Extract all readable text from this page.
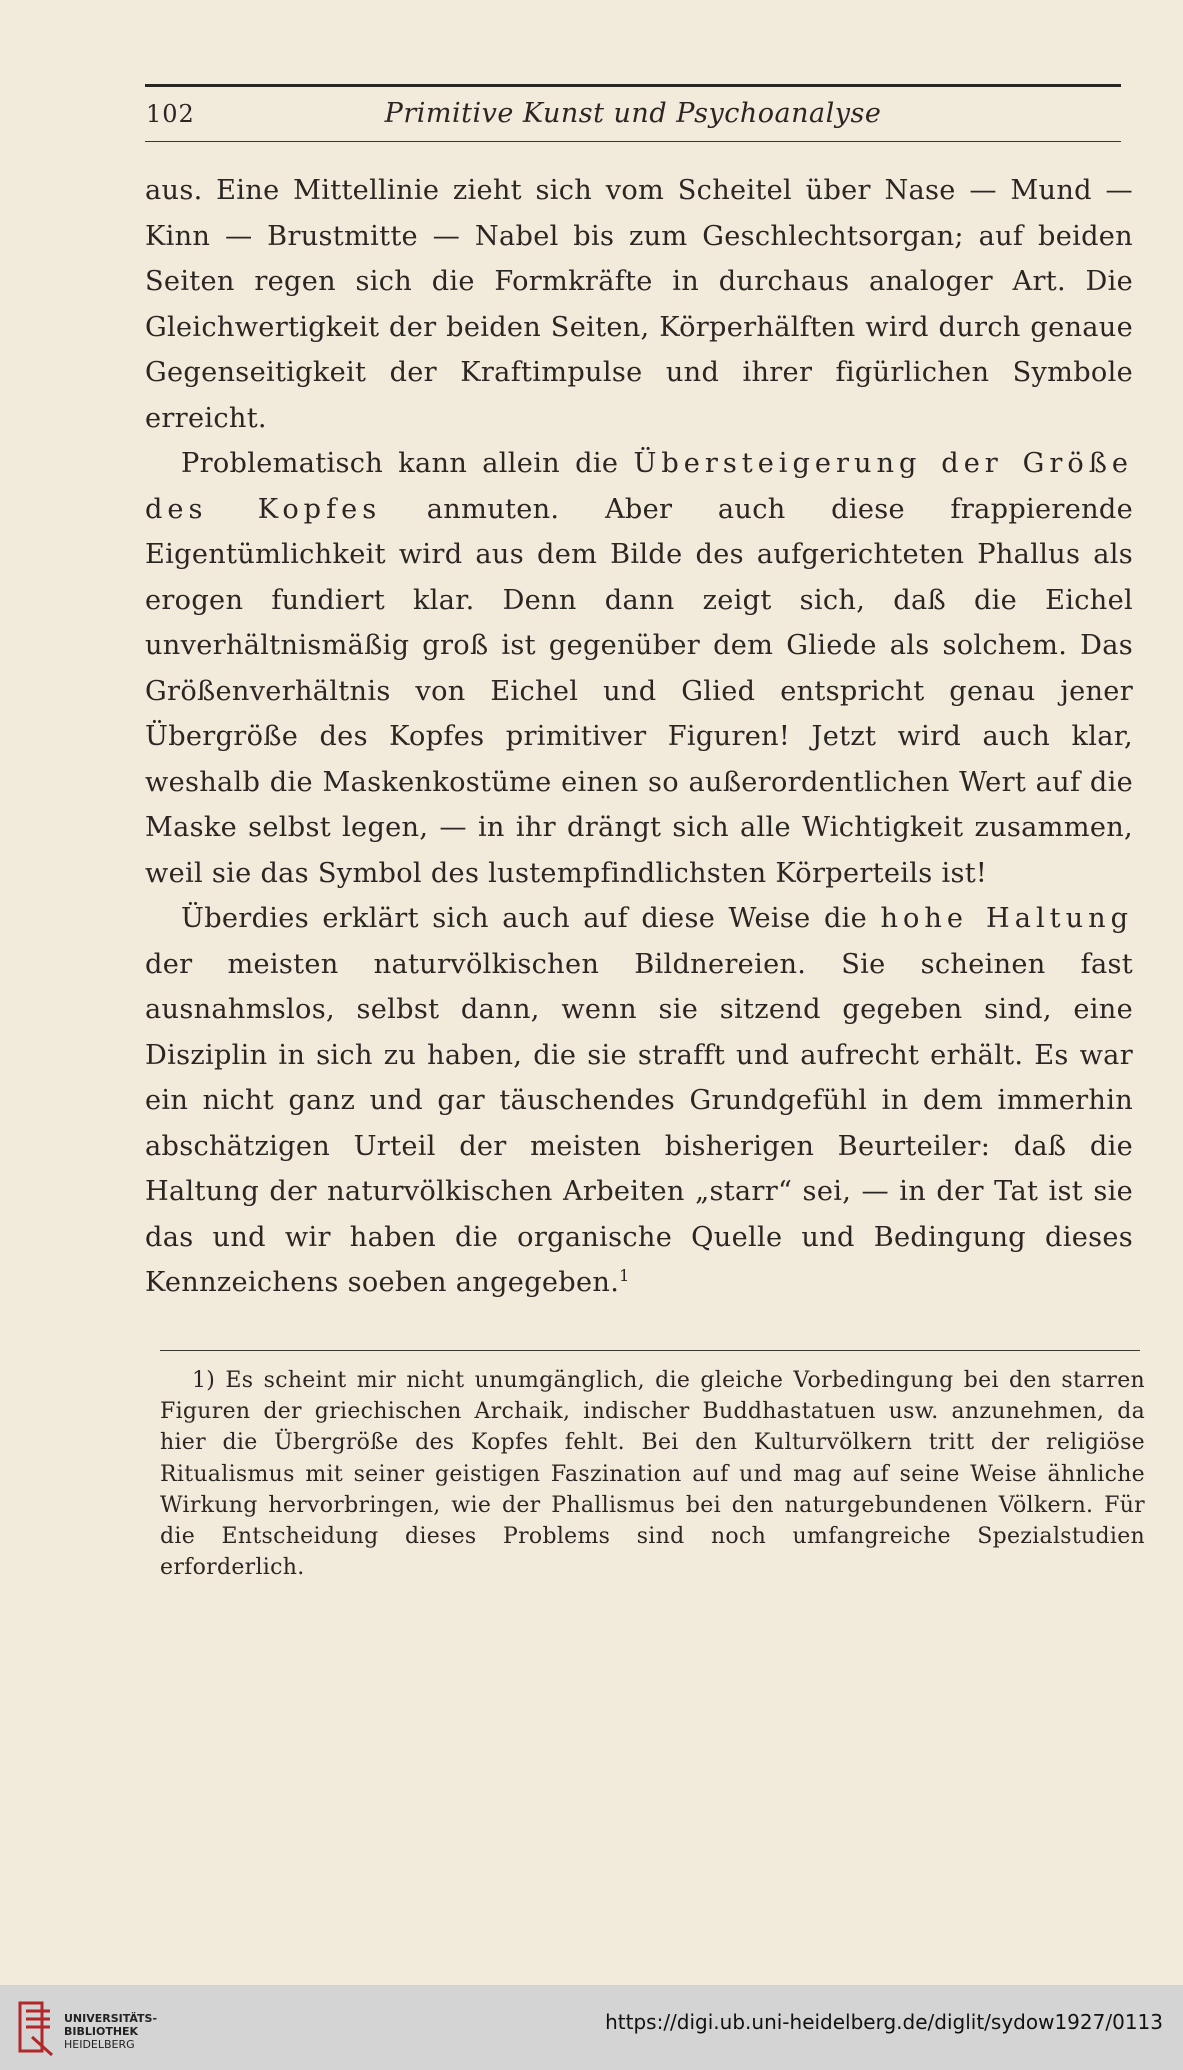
102	Primitive Kunst und Psychoanalyse

aus. Eine Mittellinie zieht sich vom Scheitel über Nase — Mund — Kinn — Brustmitte — Nabel bis zum Geschlechtsorgan; auf beiden Seiten regen sich die Formkräfte in durchaus analoger Art. Die Gleichwertigkeit der beiden Seiten, Körperhälften wird durch genaue Gegenseitigkeit der Kraftimpulse und ihrer figürlichen Symbole erreicht.

Problematisch kann allein die Übersteigerung der Größe des Kopfes anmuten. Aber auch diese frappierende Eigentümlichkeit wird aus dem Bilde des aufgerichteten Phallus als erogen fundiert klar. Denn dann zeigt sich, daß die Eichel unverhältnismäßig groß ist gegenüber dem Gliede als solchem. Das Größenverhältnis von Eichel und Glied entspricht genau jener Übergröße des Kopfes primitiver Figuren! Jetzt wird auch klar, weshalb die Maskenkostüme einen so außerordentlichen Wert auf die Maske selbst legen, — in ihr drängt sich alle Wichtigkeit zusammen, weil sie das Symbol des lustempfindlichsten Körperteils ist!

Überdies erklärt sich auch auf diese Weise die hohe Haltung der meisten naturvölkischen Bildnereien. Sie scheinen fast ausnahmslos, selbst dann, wenn sie sitzend gegeben sind, eine Disziplin in sich zu haben, die sie strafft und aufrecht erhält. Es war ein nicht ganz und gar täuschendes Grundgefühl in dem immerhin abschätzigen Urteil der meisten bisherigen Beurteiler: daß die Haltung der naturvölkischen Arbeiten „starr“ sei, — in der Tat ist sie das und wir haben die organische Quelle und Bedingung dieses Kennzeichens soeben angegeben.$^1$

1) Es scheint mir nicht unumgänglich, die gleiche Vorbedingung bei den starren Figuren der griechischen Archaik, indischer Buddhastatuen usw. anzunehmen, da hier die Übergröße des Kopfes fehlt. Bei den Kulturvölkern tritt der religiöse Ritualismus mit seiner geistigen Faszination auf und mag auf seine Weise ähnliche Wirkung hervorbringen, wie der Phallismus bei den naturgebundenen Völkern. Für die Entscheidung dieses Problems sind noch umfangreiche Spezialstudien erforderlich.

UNIVERSITÄTS-
BIBLIOTHEK
HEIDELBERG
https://digi.ub.uni-heidelberg.de/diglit/sydow1927/0113
